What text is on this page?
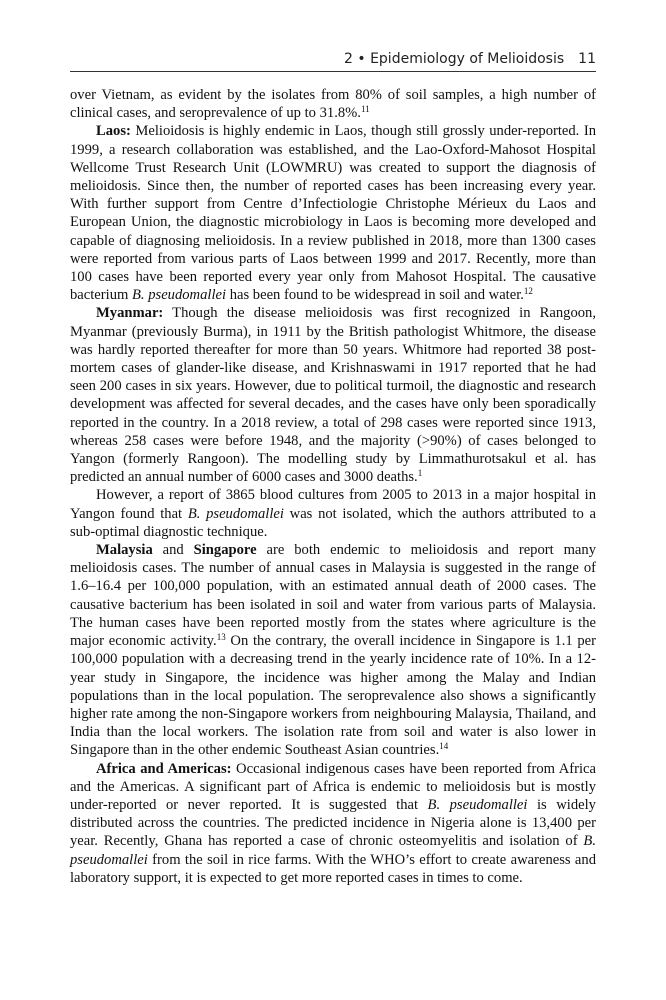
2 • Epidemiology of Melioidosis 11

over Vietnam, as evident by the isolates from 80% of soil samples, a high number of clinical cases, and seroprevalence of up to 31.8%.$^{11}$

Laos: Melioidosis is highly endemic in Laos, though still grossly under-reported. In 1999, a research collaboration was established, and the Lao-Oxford-Mahosot Hospital Wellcome Trust Research Unit (LOWMRU) was created to support the diagnosis of melioidosis. Since then, the number of reported cases has been increasing every year. With further support from Centre d’Infectiologie Christophe Mérieux du Laos and European Union, the diagnostic microbiology in Laos is becoming more developed and capable of diagnosing melioidosis. In a review published in 2018, more than 1300 cases were reported from various parts of Laos between 1999 and 2017. Recently, more than 100 cases have been reported every year only from Mahosot Hospital. The causative bacterium B. pseudomallei has been found to be widespread in soil and water.$^{12}$

Myanmar: Though the disease melioidosis was first recognized in Rangoon, Myanmar (previously Burma), in 1911 by the British pathologist Whitmore, the disease was hardly reported thereafter for more than 50 years. Whitmore had reported 38 post-mortem cases of glander-like disease, and Krishnaswami in 1917 reported that he had seen 200 cases in six years. However, due to political turmoil, the diagnostic and research development was affected for several decades, and the cases have only been sporadically reported in the country. In a 2018 review, a total of 298 cases were reported since 1913, whereas 258 cases were before 1948, and the majority (>90%) of cases belonged to Yangon (formerly Rangoon). The modelling study by Limmathurotsakul et al. has predicted an annual number of 6000 cases and 3000 deaths.$^1$

However, a report of 3865 blood cultures from 2005 to 2013 in a major hospital in Yangon found that B. pseudomallei was not isolated, which the authors attributed to a sub-optimal diagnostic technique.

Malaysia and Singapore are both endemic to melioidosis and report many melioidosis cases. The number of annual cases in Malaysia is suggested in the range of 1.6–16.4 per 100,000 population, with an estimated annual death of 2000 cases. The causative bacterium has been isolated in soil and water from various parts of Malaysia. The human cases have been reported mostly from the states where agriculture is the major economic activity.$^{13}$ On the contrary, the overall incidence in Singapore is 1.1 per 100,000 population with a decreasing trend in the yearly incidence rate of 10%. In a 12-year study in Singapore, the incidence was higher among the Malay and Indian populations than in the local population. The seroprevalence also shows a significantly higher rate among the non-Singapore workers from neighbouring Malaysia, Thailand, and India than the local workers. The isolation rate from soil and water is also lower in Singapore than in the other endemic Southeast Asian countries.$^{14}$

Africa and Americas: Occasional indigenous cases have been reported from Africa and the Americas. A significant part of Africa is endemic to melioidosis but is mostly under-reported or never reported. It is suggested that B. pseudomallei is widely distributed across the countries. The predicted incidence in Nigeria alone is 13,400 per year. Recently, Ghana has reported a case of chronic osteomyelitis and isolation of B. pseudomallei from the soil in rice farms. With the WHO’s effort to create awareness and laboratory support, it is expected to get more reported cases in times to come.
